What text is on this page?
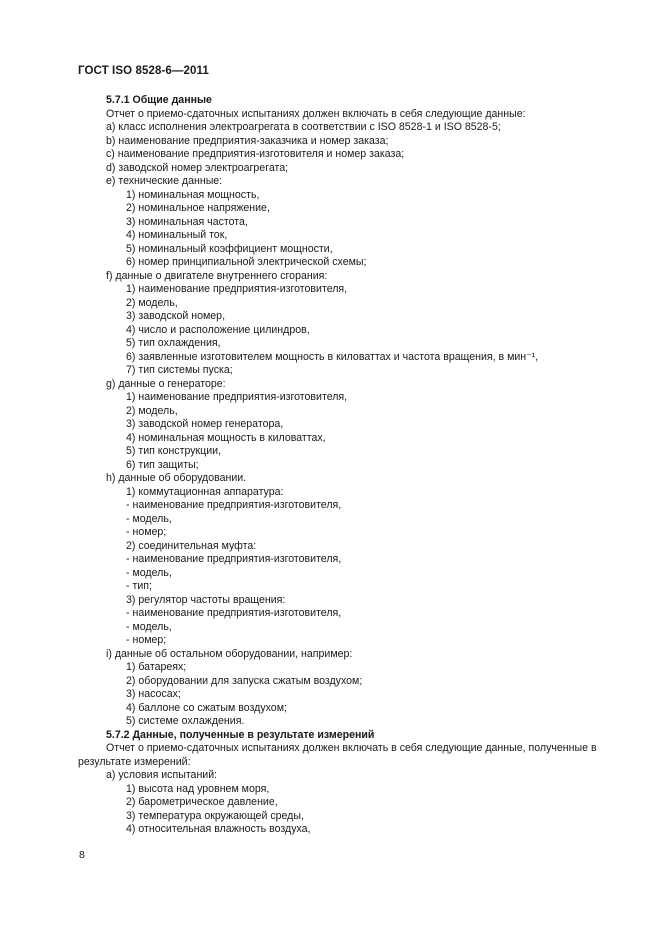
ГОСТ ISO 8528-6—2011
5.7.1 Общие данные
Отчет о приемо-сдаточных испытаниях должен включать в себя следующие данные:
a) класс исполнения электроагрегата в соответствии с ISO 8528-1 и ISO 8528-5;
b) наименование предприятия-заказчика и номер заказа;
c) наименование предприятия-изготовителя и номер заказа;
d) заводской номер электроагрегата;
e) технические данные:
1) номинальная мощность,
2) номинальное напряжение,
3) номинальная частота,
4) номинальный ток,
5) номинальный коэффициент мощности,
6) номер принципиальной электрической схемы;
f) данные о двигателе внутреннего сгорания:
1) наименование предприятия-изготовителя,
2) модель,
3) заводской номер,
4) число и расположение цилиндров,
5) тип охлаждения,
6) заявленные изготовителем мощность в киловаттах и частота вращения, в мин⁻¹,
7) тип системы пуска;
g) данные о генераторе:
1) наименование предприятия-изготовителя,
2) модель,
3) заводской номер генератора,
4) номинальная мощность в киловаттах,
5) тип конструкции,
6) тип защиты;
h) данные об оборудовании.
1) коммутационная аппаратура:
- наименование предприятия-изготовителя,
- модель,
- номер;
2) соединительная муфта:
- наименование предприятия-изготовителя,
- модель,
- тип;
3) регулятор частоты вращения:
- наименование предприятия-изготовителя,
- модель,
- номер;
i) данные об остальном оборудовании, например:
1) батареях;
2) оборудовании для запуска сжатым воздухом;
3) насосах;
4) баллоне со сжатым воздухом;
5) системе охлаждения.
5.7.2 Данные, полученные в результате измерений
Отчет о приемо-сдаточных испытаниях должен включать в себя следующие данные, полученные в
результате измерений:
a) условия испытаний:
1) высота над уровнем моря,
2) барометрическое давление,
3) температура окружающей среды,
4) относительная влажность воздуха,
8
